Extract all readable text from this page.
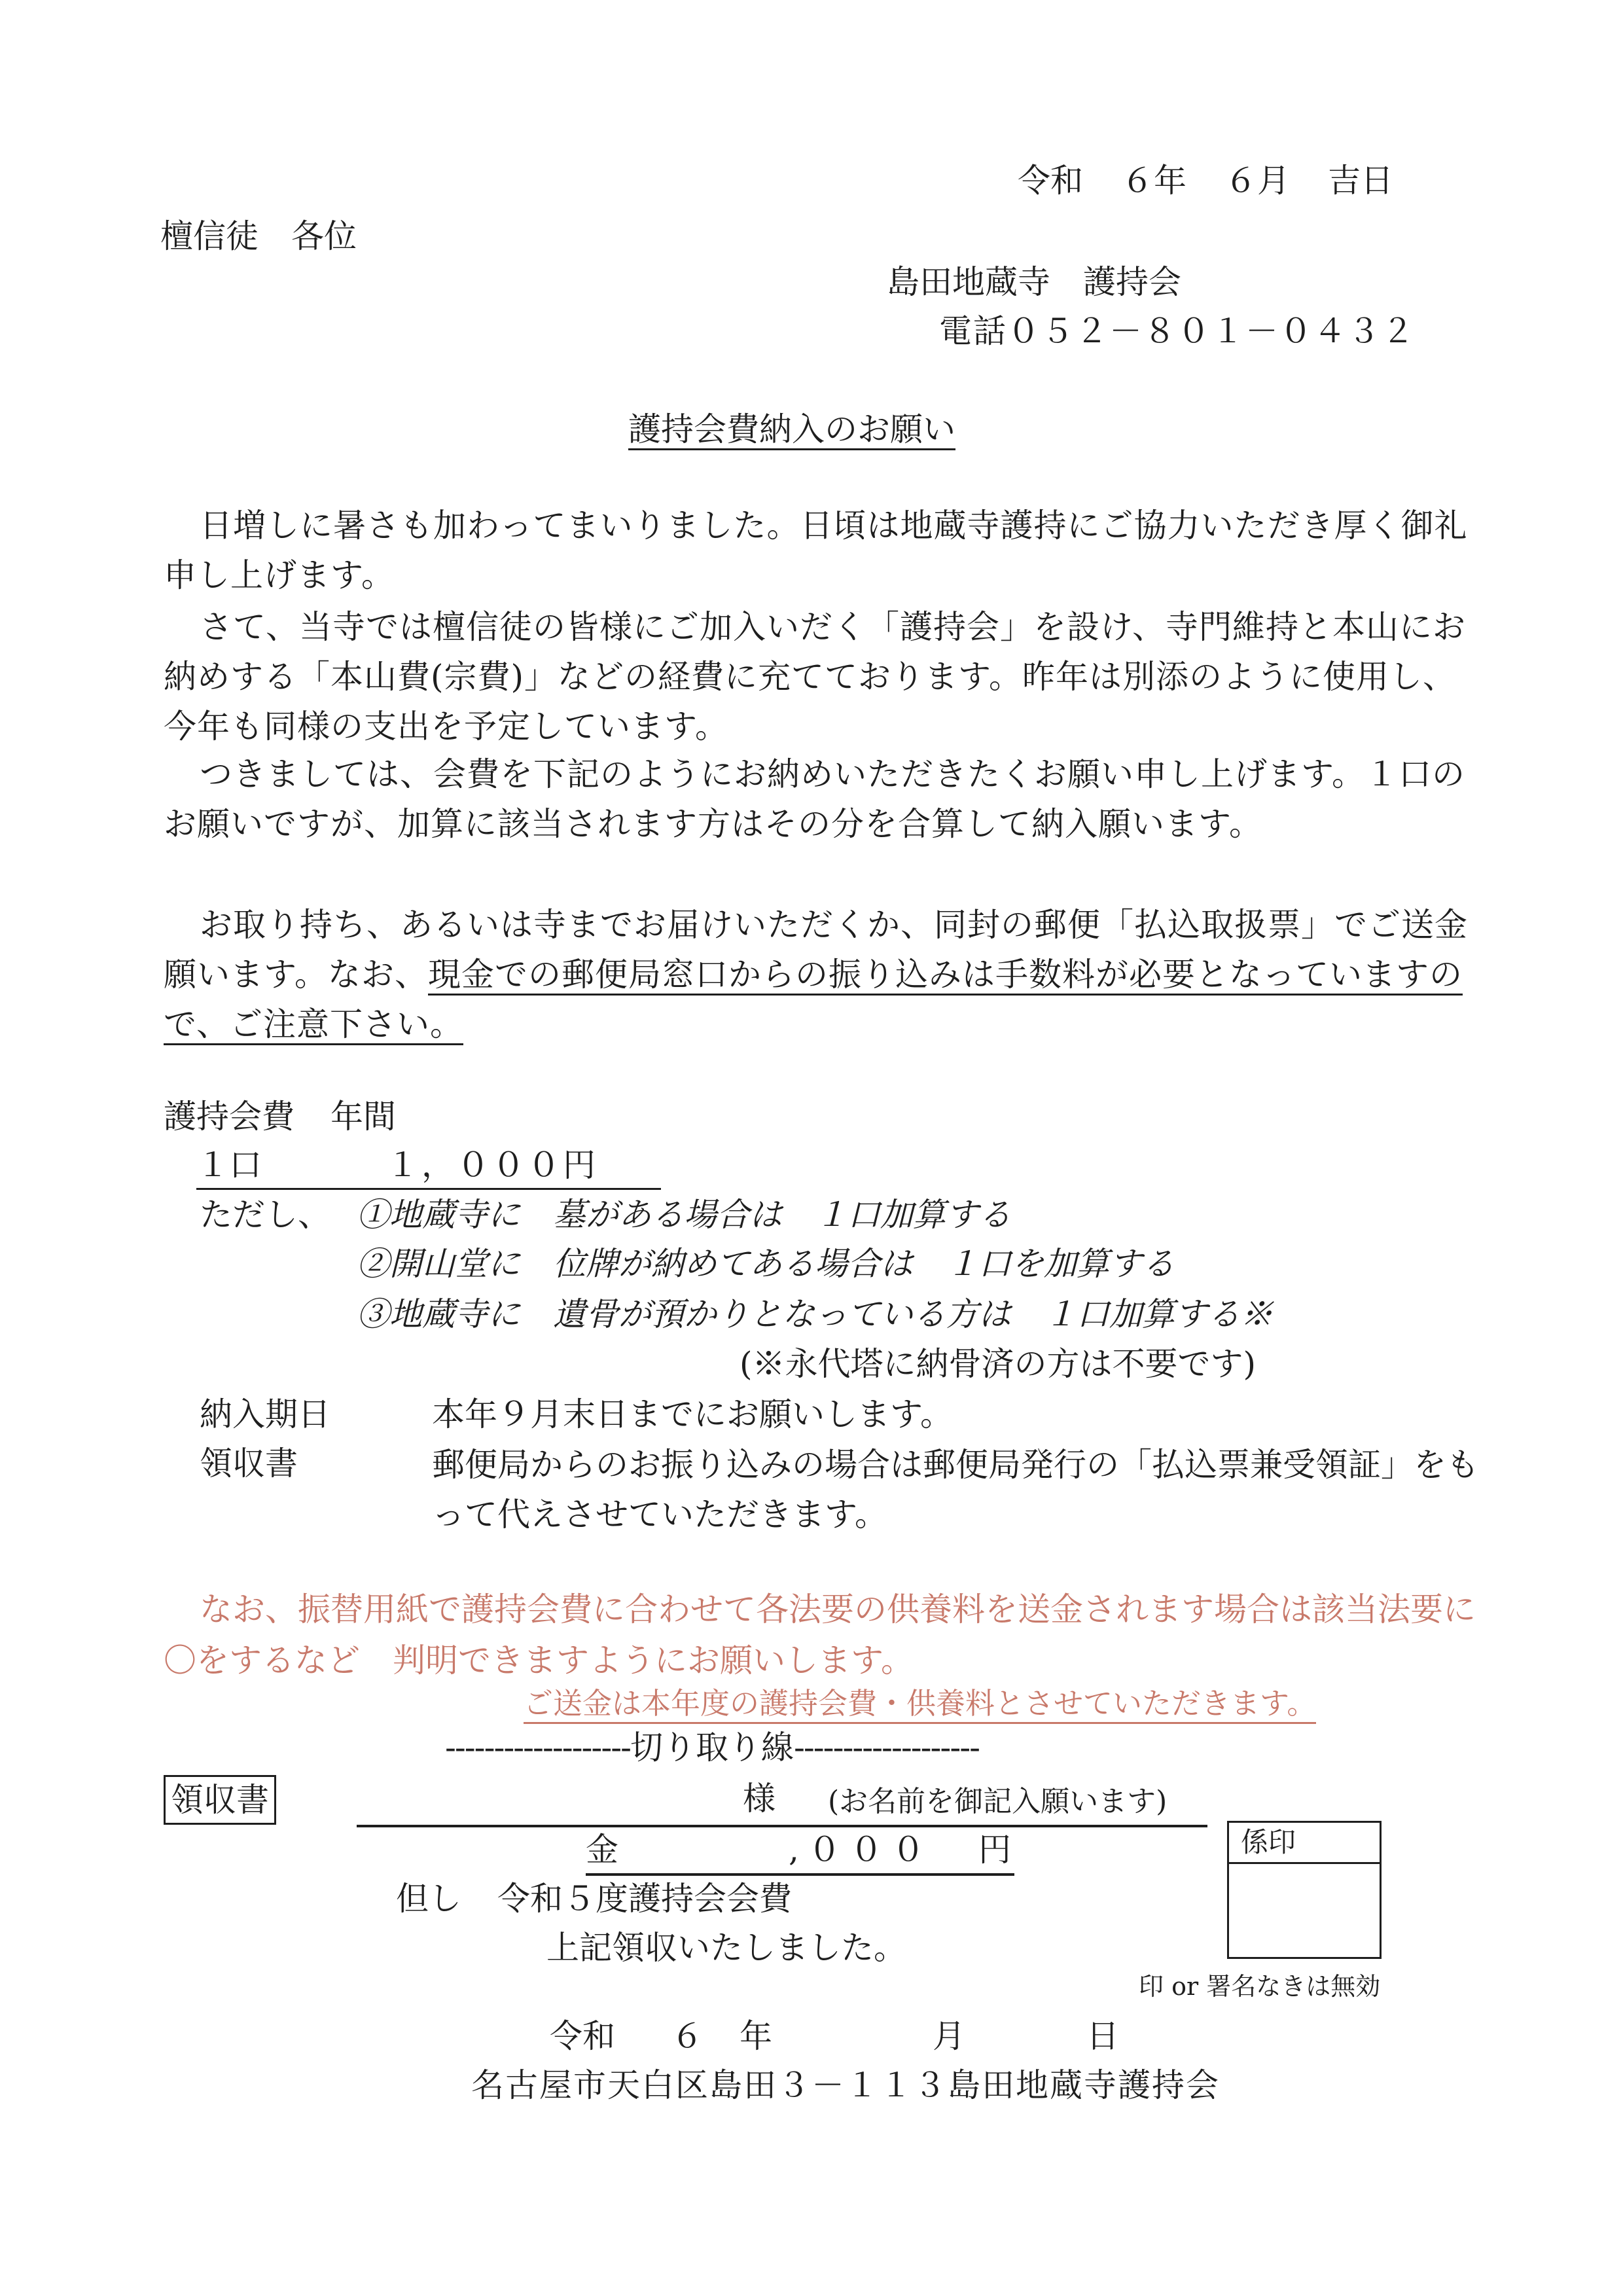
令和 ６年 ６月 吉日
檀信徒　各位
島田地蔵寺　護持会
電話０５２－８０１－０４３２
護持会費納入のお願い
日増しに暑さも加わってまいりました。日頃は地蔵寺護持にご協力いただき厚く御礼申し上げます。
さて、当寺では檀信徒の皆様にご加入いだく「護持会」を設け、寺門維持と本山にお納めする「本山費(宗費)」などの経費に充てております。昨年は別添のように使用し、今年も同様の支出を予定しています。
つきましては、会費を下記のようにお納めいただきたくお願い申し上げます。１口のお願いですが、加算に該当されます方はその分を合算して納入願います。
お取り持ち、あるいは寺までお届けいただくか、同封の郵便「払込取扱票」でご送金願います。なお、現金での郵便局窓口からの振り込みは手数料が必要となっていますので、ご注意下さい。
護持会費 年間
１口	１，０００円
ただし、 ①地蔵寺に　墓がある場合は　１口加算する
②開山堂に　位牌が納めてある場合は　１口を加算する
③地蔵寺に　遺骨が預かりとなっている方は　１口加算する※
(※永代塔に納骨済の方は不要です)
納入期日	本年９月末日までにお願いします。
領収書	郵便局からのお振り込みの場合は郵便局発行の「払込票兼受領証」をもって代えさせていただきます。
なお、振替用紙で護持会費に合わせて各法要の供養料を送金されます場合は該当法要に〇をするなど　判明できますようにお願いします。
ご送金は本年度の護持会費・供養料とさせていただきます。
-------------------切り取り線-------------------
領収書	様 (お名前を御記入願います)
金	,０００ 円
但し 令和５度護持会会費
上記領収いたしました。
係印
印 or 署名なきは無効
令和 ６ 年	月	日
名古屋市天白区島田３－１１３島田地蔵寺護持会
